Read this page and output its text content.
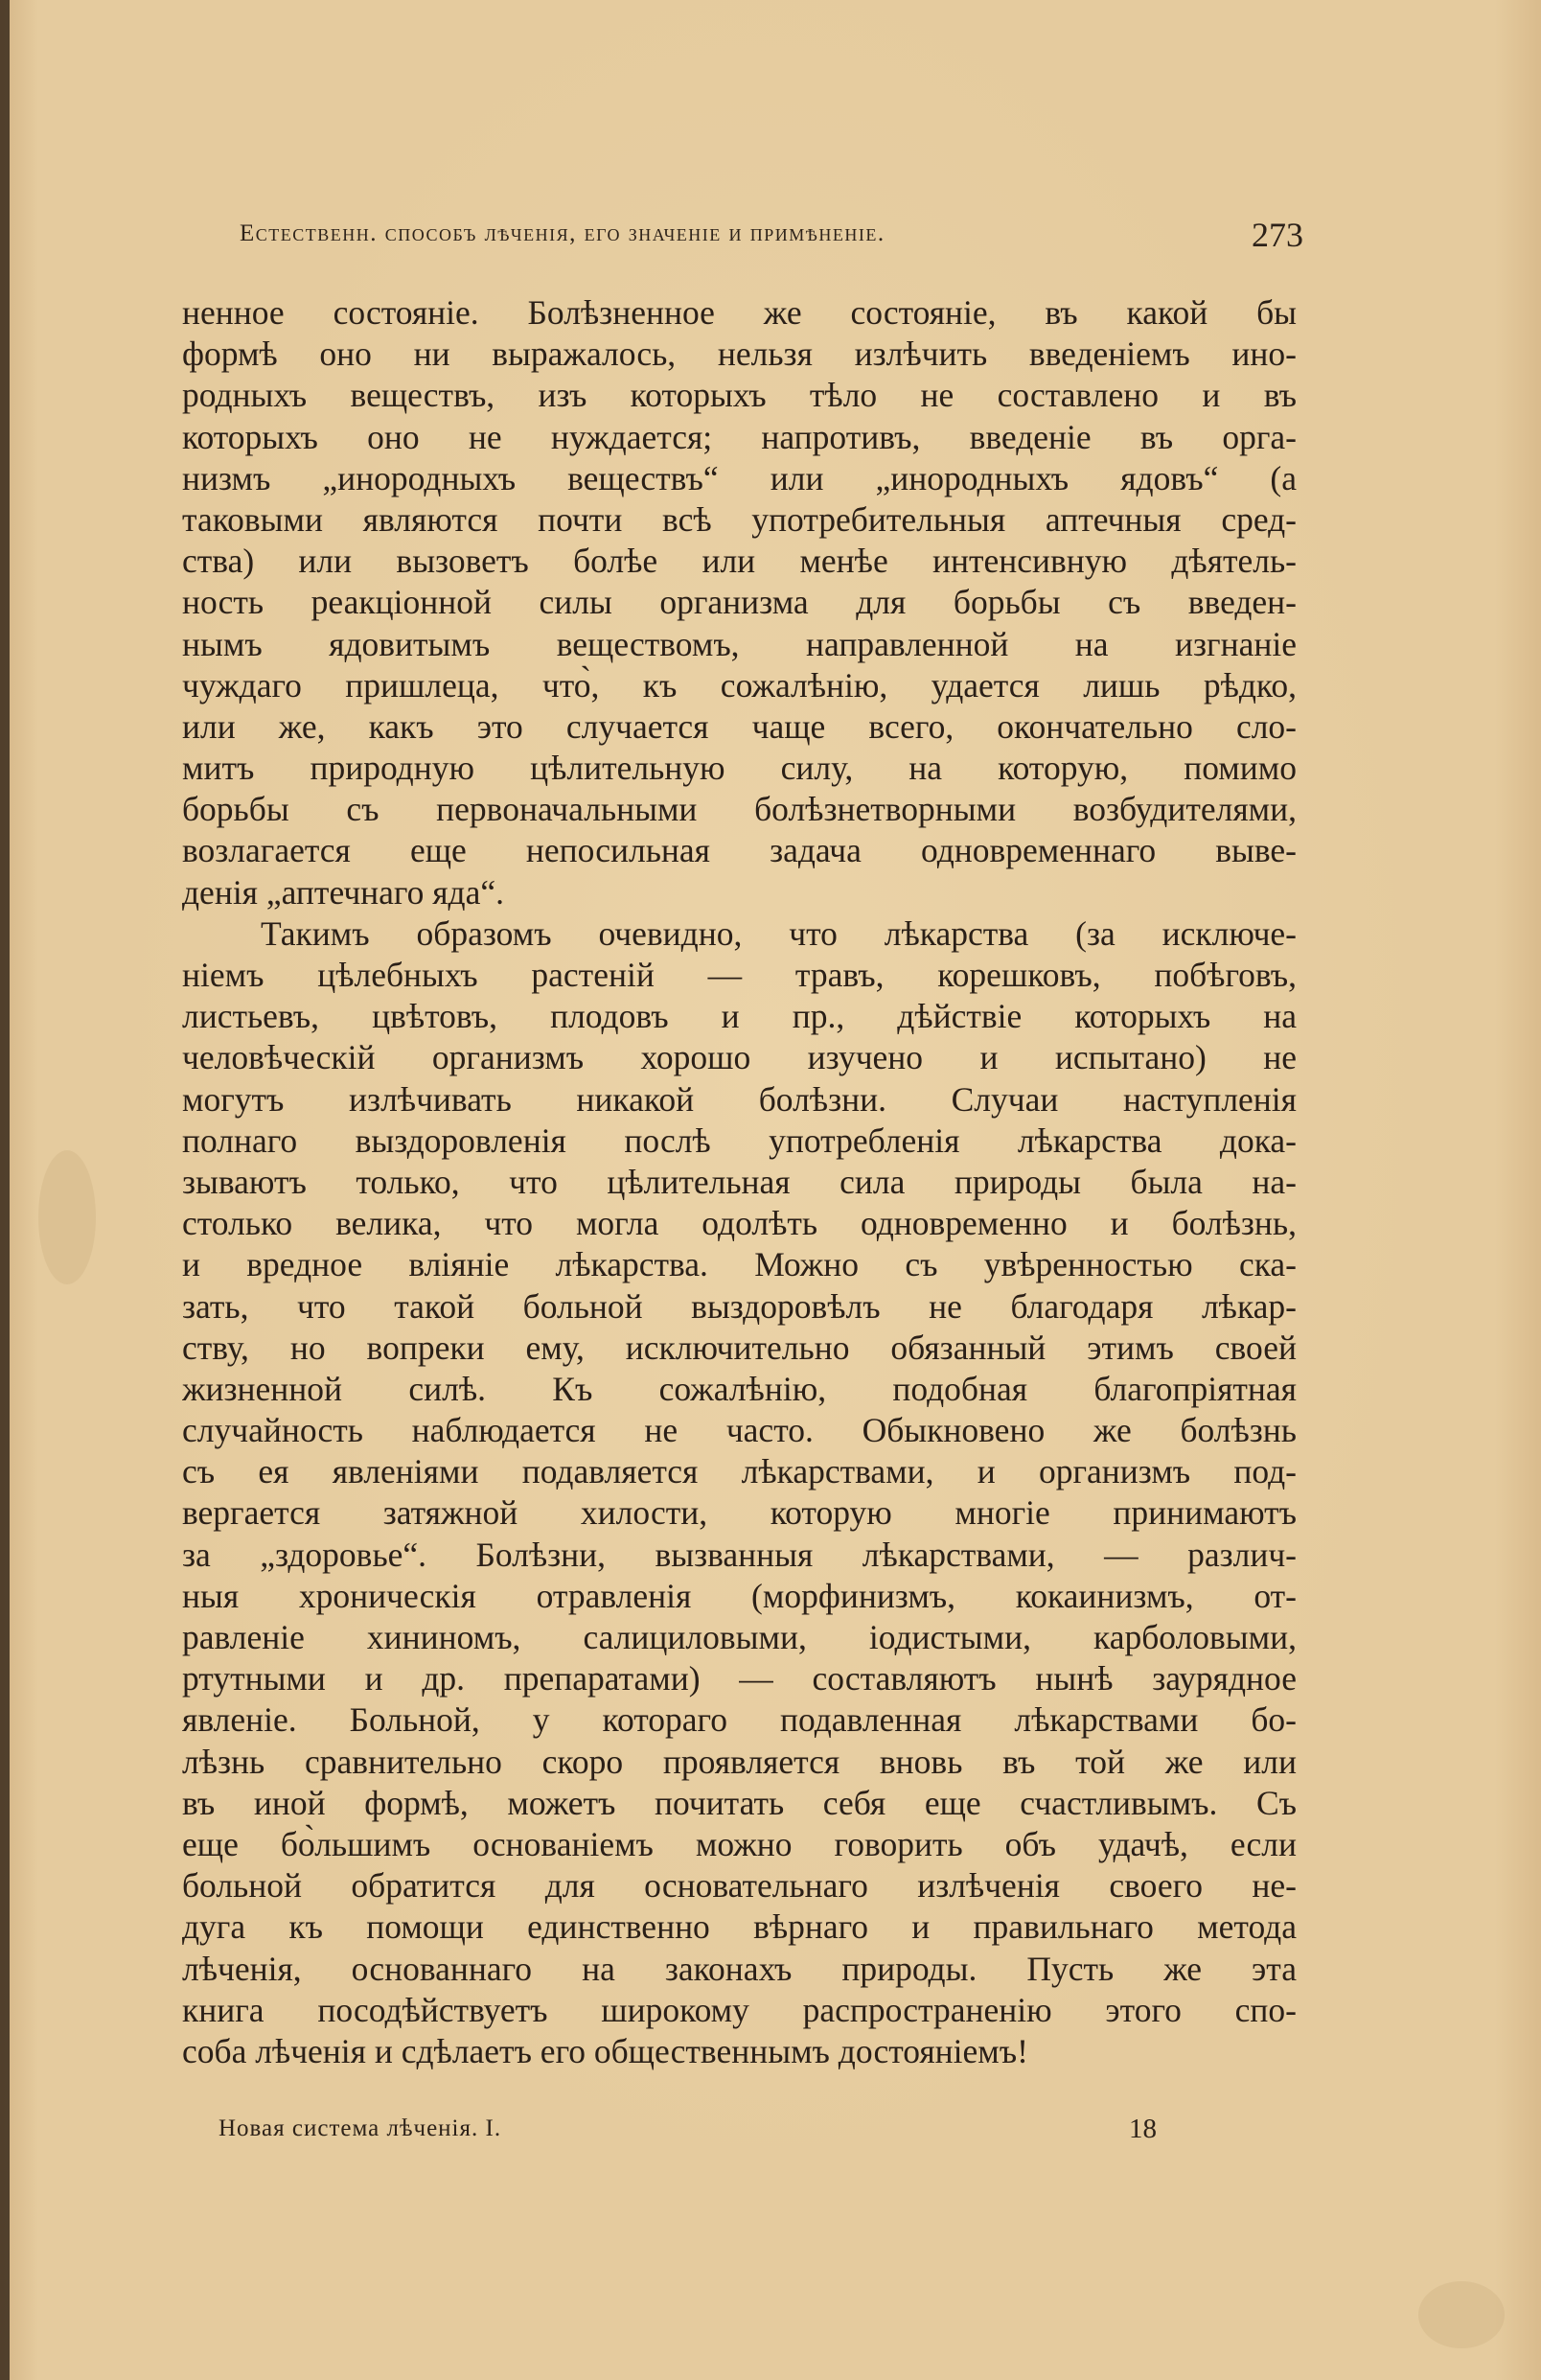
Естественн. способъ лѣченія, его значеніе и примѣненіе.	273
ненное состояніе. Болѣзненное же состояніе, въ какой бы
формѣ оно ни выражалось, нельзя излѣчить введеніемъ ино-
родныхъ веществъ, изъ которыхъ тѣло не составлено и въ
которыхъ оно не нуждается; напротивъ, введеніе въ орга-
низмъ „инородныхъ веществъ“ или „инородныхъ ядовъ“ (а
таковыми являются почти всѣ употребительныя аптечныя сред-
ства) или вызоветъ болѣе или менѣе интенсивную дѣятель-
ность реакціонной силы организма для борьбы съ введен-
нымъ ядовитымъ веществомъ, направленной на изгнаніе
чуждаго пришлеца, что̀, къ сожалѣнію, удается лишь рѣдко,
или же, какъ это случается чаще всего, окончательно сло-
митъ природную цѣлительную силу, на которую, помимо
борьбы съ первоначальными болѣзнетворными возбудителями,
возлагается еще непосильная задача одновременнаго выве-
денія „аптечнаго яда“.
Такимъ образомъ очевидно, что лѣкарства (за исключе-
ніемъ цѣлебныхъ растеній — травъ, корешковъ, побѣговъ,
листьевъ, цвѣтовъ, плодовъ и пр., дѣйствіе которыхъ на
человѣческій организмъ хорошо изучено и испытано) не
могутъ излѣчивать никакой болѣзни. Случаи наступленія
полнаго выздоровленія послѣ употребленія лѣкарства дока-
зываютъ только, что цѣлительная сила природы была на-
столько велика, что могла одолѣть одновременно и болѣзнь,
и вредное вліяніе лѣкарства. Можно съ увѣренностью ска-
зать, что такой больной выздоровѣлъ не благодаря лѣкар-
ству, но вопреки ему, исключительно обязанный этимъ своей
жизненной силѣ. Къ сожалѣнію, подобная благопріятная
случайность наблюдается не часто. Обыкновено же болѣзнь
съ ея явленіями подавляется лѣкарствами, и организмъ под-
вергается затяжной хилости, которую многіе принимаютъ
за „здоровье“. Болѣзни, вызванныя лѣкарствами, — различ-
ныя хроническія отравленія (морфинизмъ, кокаинизмъ, от-
равленіе хининомъ, салициловыми, іодистыми, карболовыми,
ртутными и др. препаратами) — составляютъ нынѣ заурядное
явленіе. Больной, у котораго подавленная лѣкарствами бо-
лѣзнь сравнительно скоро проявляется вновь въ той же или
въ иной формѣ, можетъ почитать себя еще счастливымъ. Съ
еще бо̀льшимъ основаніемъ можно говорить объ удачѣ, если
больной обратится для основательнаго излѣченія своего не-
дуга къ помощи единственно вѣрнаго и правильнаго метода
лѣченія, основаннаго на законахъ природы. Пусть же эта
книга посодѣйствуетъ широкому распространенію этого спо-
соба лѣченія и сдѣлаетъ его общественнымъ достояніемъ!
Новая система лѣченія. I.	18
